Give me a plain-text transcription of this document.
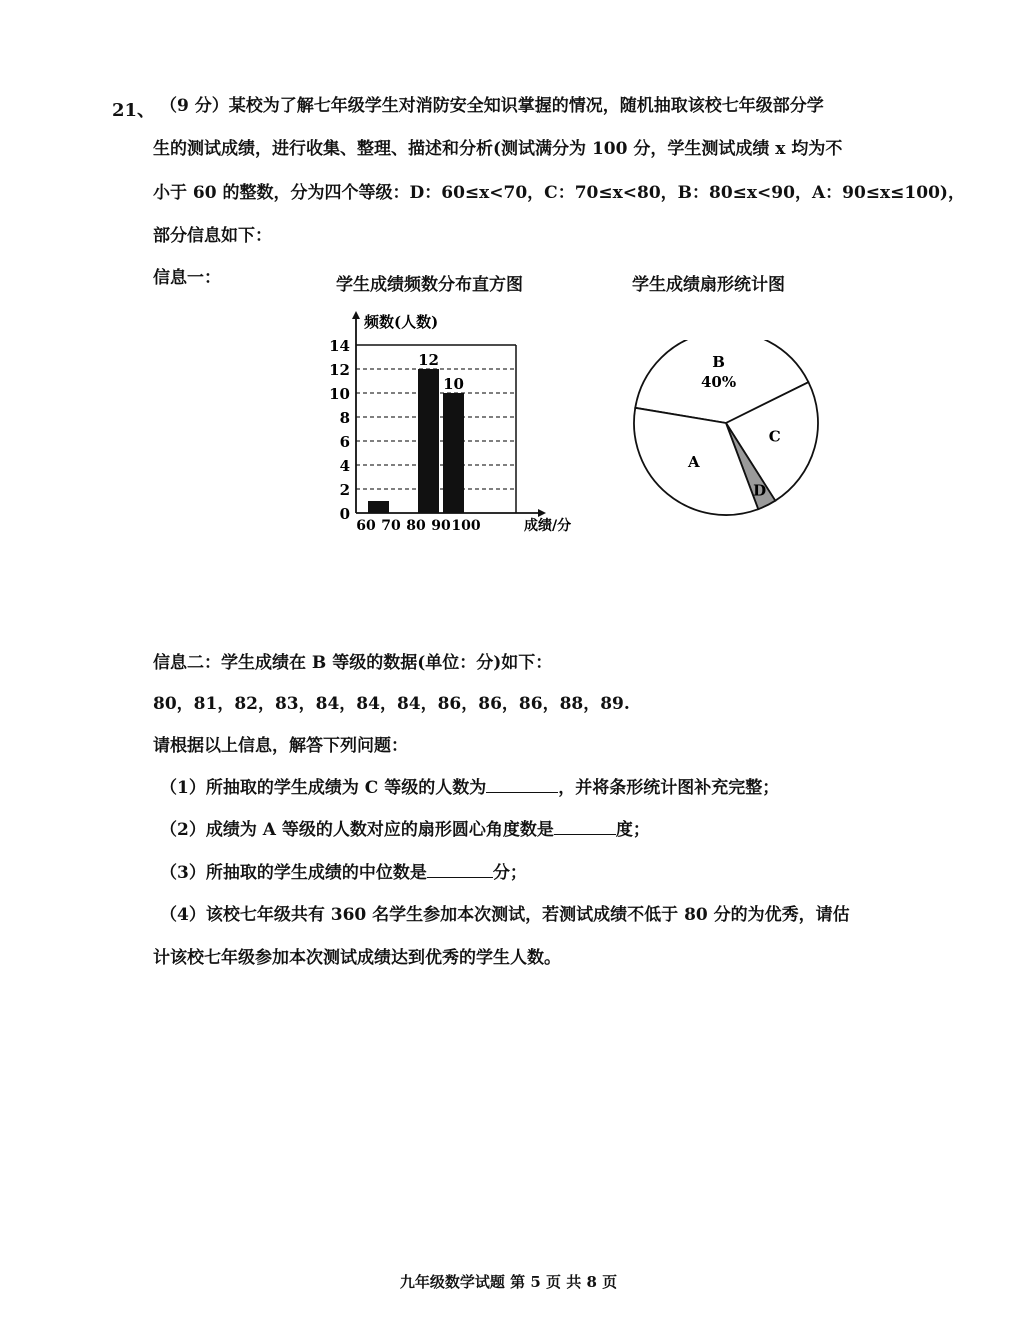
21、 （9 分）某校为了解七年级学生对消防安全知识掌握的情况，随机抽取该校七年级部分学
生的测试成绩，进行收集、整理、描述和分析(测试满分为 100 分，学生测试成绩 x 均为不
小于 60 的整数，分为四个等级：D：60≤x<70，C：70≤x<80，B：80≤x<90，A：90≤x≤100)，
部分信息如下：
信息一：	学生成绩频数分布直方图	学生成绩扇形统计图
0
2
4
6
8
10
12
14
12
10
60 70 80 90 100
频数(人数)
成绩/分
B
40%
C
D
A
信息二：学生成绩在 B 等级的数据(单位：分)如下：
80，81，82，83，84，84，84，86，86，86，88，89.
请根据以上信息，解答下列问题：
（1）所抽取的学生成绩为 C 等级的人数为	，并将条形统计图补充完整；
（2）成绩为 A 等级的人数对应的扇形圆心角度数是	度；
（3）所抽取的学生成绩的中位数是	分；
（4）该校七年级共有 360 名学生参加本次测试，若测试成绩不低于 80 分的为优秀，请估
计该校七年级参加本次测试成绩达到优秀的学生人数。
九年级数学试题 第 5 页 共 8 页
